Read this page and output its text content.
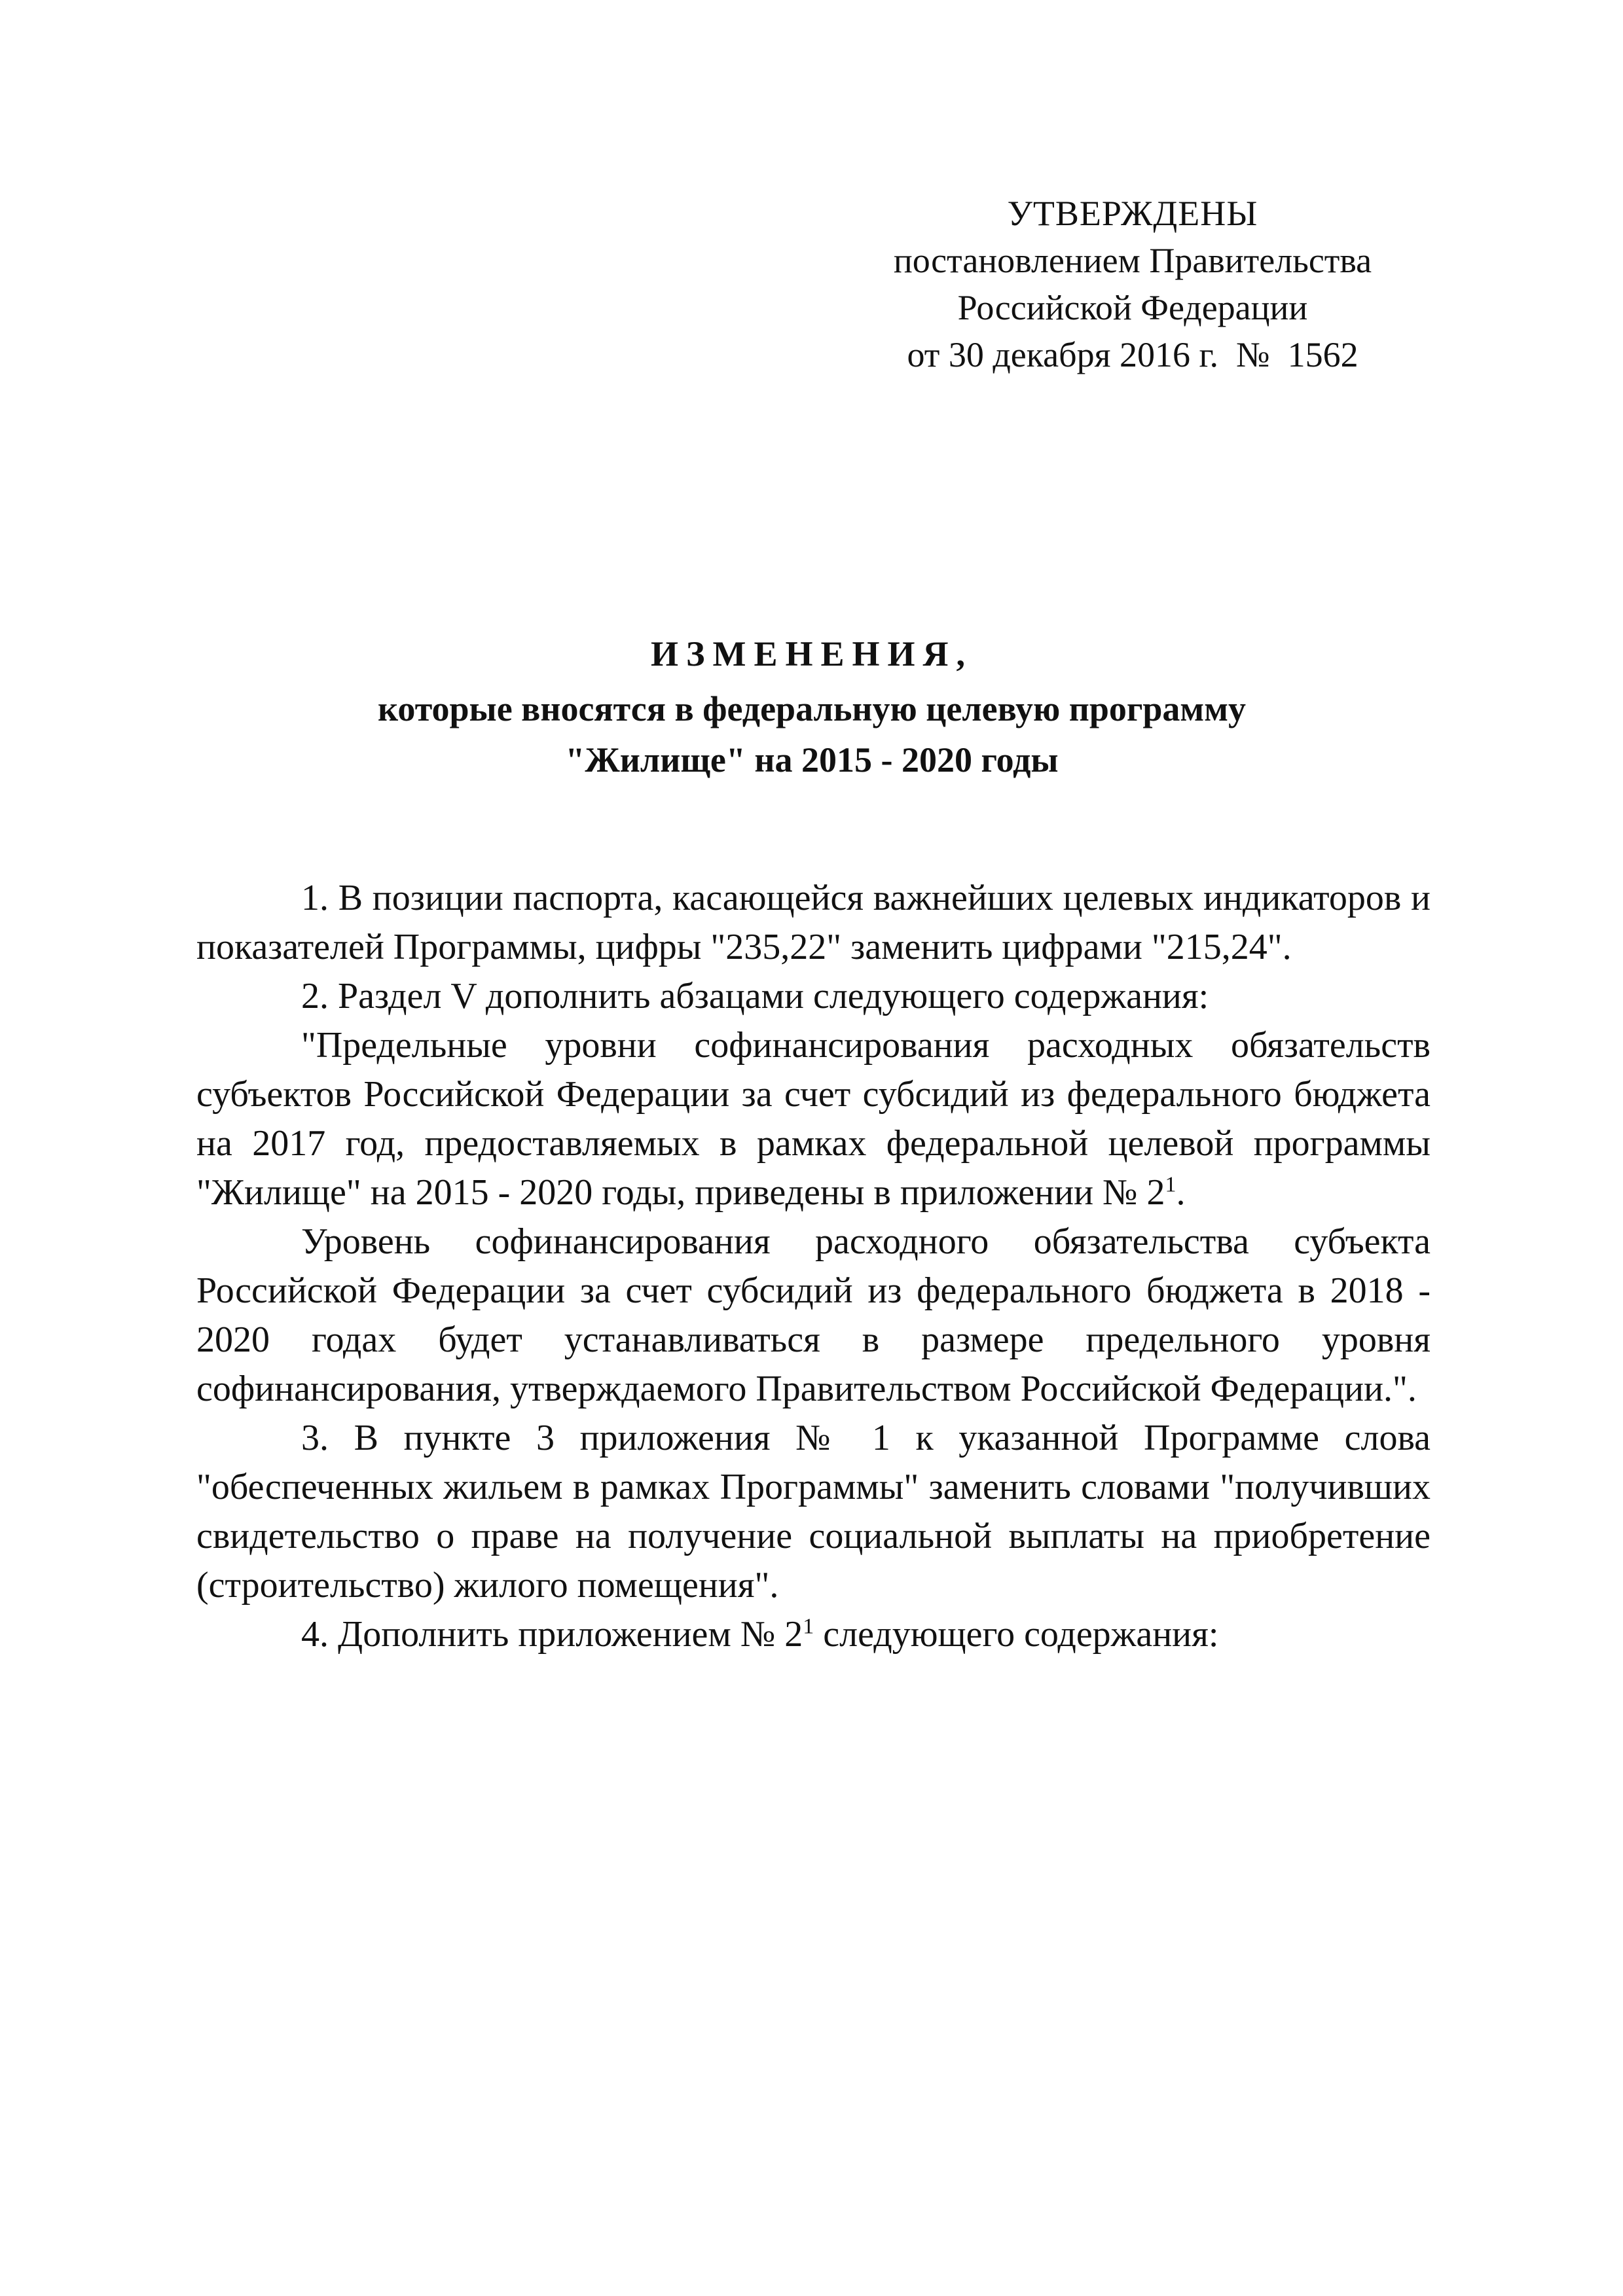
УТВЕРЖДЕНЫ
постановлением Правительства
Российской Федерации
от 30 декабря 2016 г. № 1562
ИЗМЕНЕНИЯ,
которые вносятся в федеральную целевую программу
"Жилище" на 2015 - 2020 годы

1. В позиции паспорта, касающейся важнейших целевых индикаторов и показателей Программы, цифры "235,22" заменить цифрами "215,24".

2. Раздел V дополнить абзацами следующего содержания:

"Предельные уровни софинансирования расходных обязательств субъектов Российской Федерации за счет субсидий из федерального бюджета на 2017 год, предоставляемых в рамках федеральной целевой программы "Жилище" на 2015 - 2020 годы, приведены в приложении № 2$^1$.

Уровень софинансирования расходного обязательства субъекта Российской Федерации за счет субсидий из федерального бюджета в 2018 - 2020 годах будет устанавливаться в размере предельного уровня софинансирования, утверждаемого Правительством Российской Федерации.".

3. В пункте 3 приложения № 1 к указанной Программе слова "обеспеченных жильем в рамках Программы" заменить словами "получивших свидетельство о праве на получение социальной выплаты на приобретение (строительство) жилого помещения".

4. Дополнить приложением № 2$^1$ следующего содержания:
